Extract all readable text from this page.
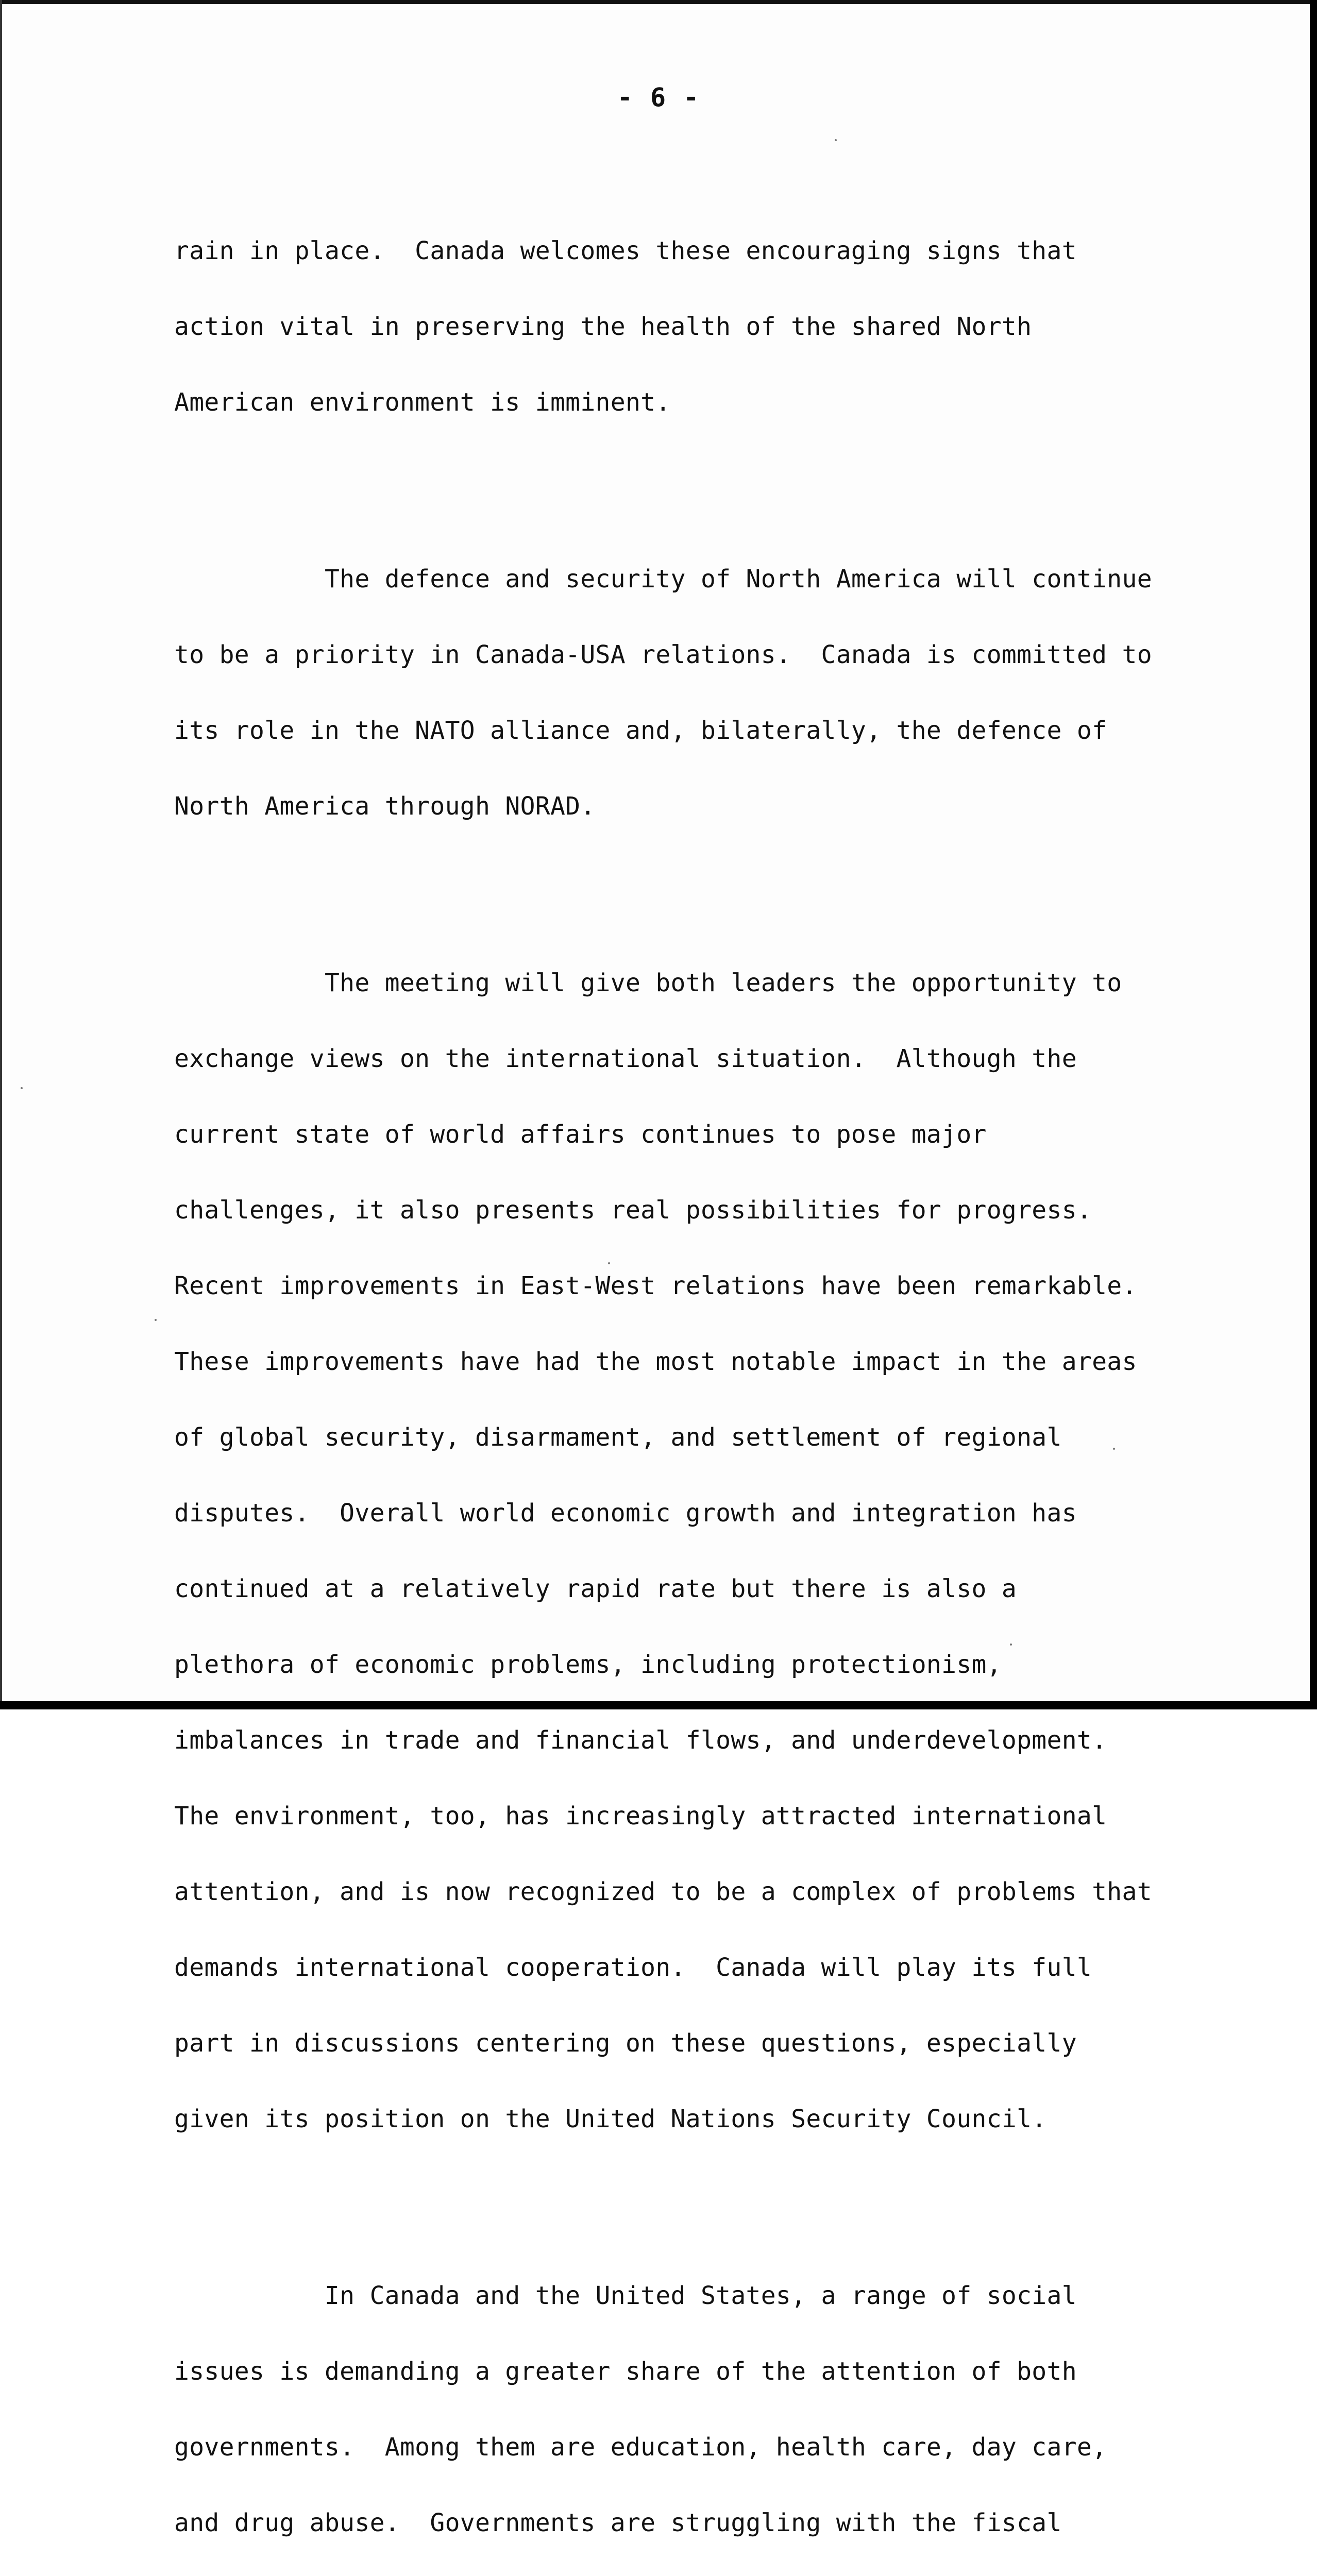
- 6 -

rain in place.  Canada welcomes these encouraging signs that

action vital in preserving the health of the shared North

American environment is imminent.

The defence and security of North America will continue

to be a priority in Canada-USA relations.  Canada is committed to

its role in the NATO alliance and, bilaterally, the defence of

North America through NORAD.

The meeting will give both leaders the opportunity to

exchange views on the international situation.  Although the

current state of world affairs continues to pose major

challenges, it also presents real possibilities for progress.

Recent improvements in East-West relations have been remarkable.

These improvements have had the most notable impact in the areas

of global security, disarmament, and settlement of regional

disputes.  Overall world economic growth and integration has

continued at a relatively rapid rate but there is also a

plethora of economic problems, including protectionism,

imbalances in trade and financial flows, and underdevelopment.

The environment, too, has increasingly attracted international

attention, and is now recognized to be a complex of problems that

demands international cooperation.  Canada will play its full

part in discussions centering on these questions, especially

given its position on the United Nations Security Council.

In Canada and the United States, a range of social

issues is demanding a greater share of the attention of both

governments.  Among them are education, health care, day care,

and drug abuse.  Governments are struggling with the fiscal
